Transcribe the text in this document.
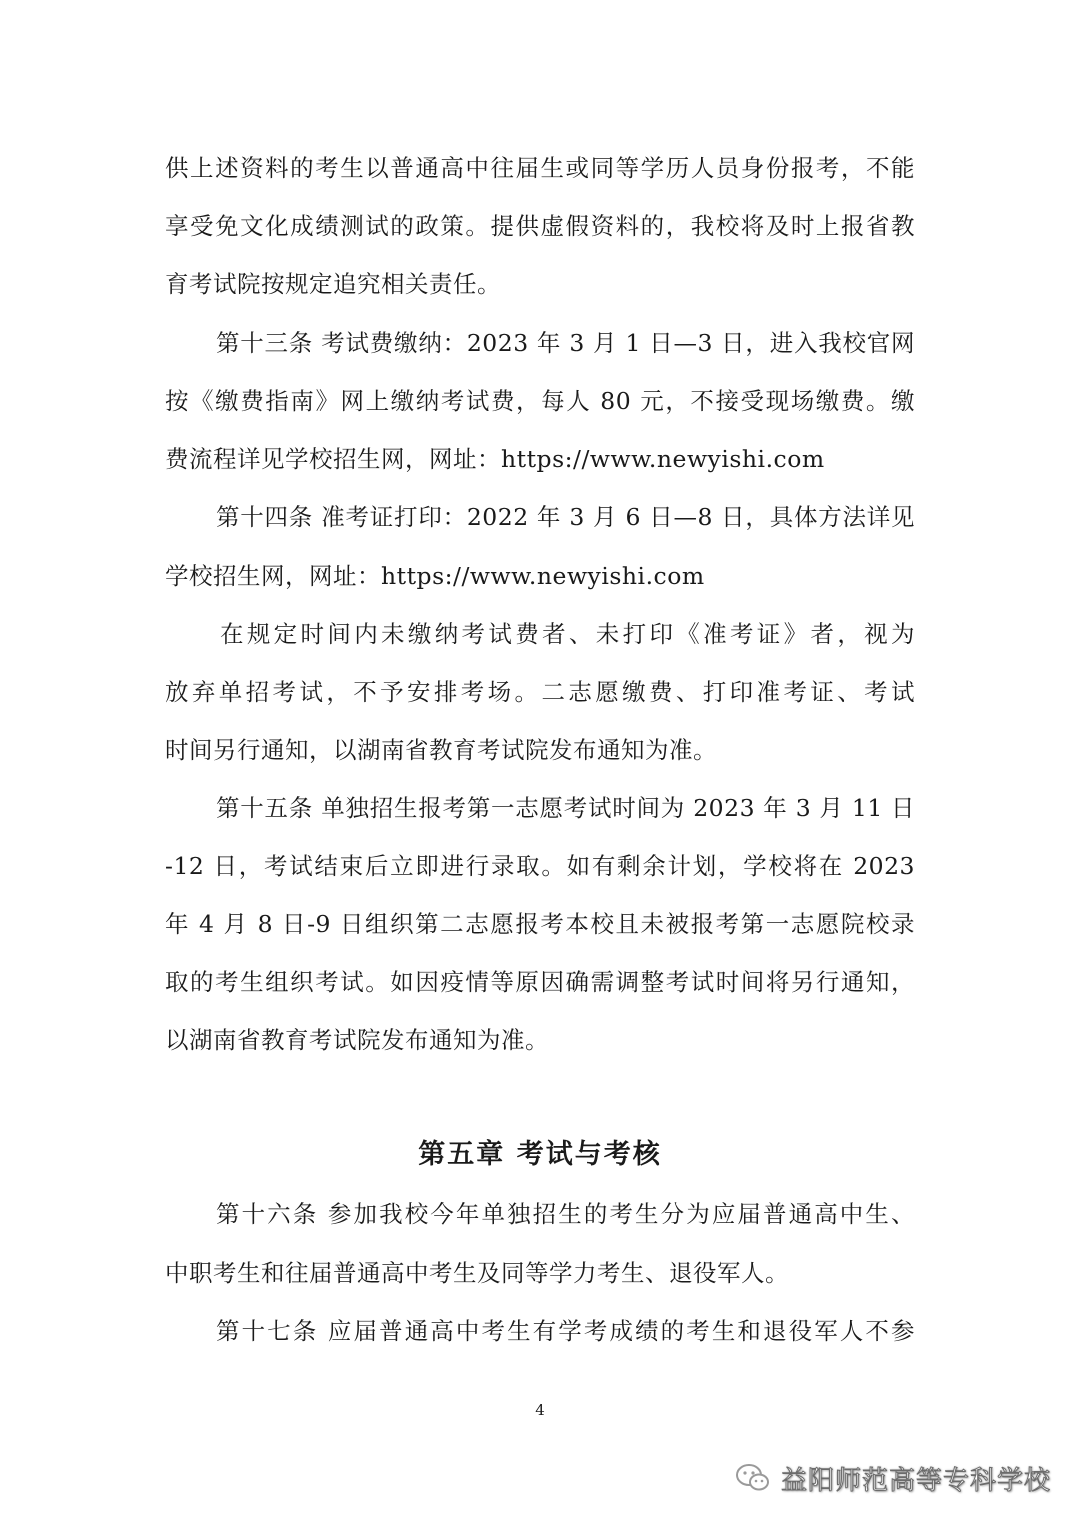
供上述资料的考生以普通高中往届生或同等学历人员身份报考，不能
享受免文化成绩测试的政策。提供虚假资料的，我校将及时上报省教
育考试院按规定追究相关责任。
第十三条 考试费缴纳：2023 年 3 月 1 日—3 日，进入我校官网
按《缴费指南》网上缴纳考试费，每人 80 元，不接受现场缴费。缴
费流程详见学校招生网，网址：https://www.newyishi.com
第十四条 准考证打印：2022 年 3 月 6 日—8 日，具体方法详见
学校招生网，网址：https://www.newyishi.com
在规定时间内未缴纳考试费者、未打印《准考证》者，视为
放弃单招考试，不予安排考场。二志愿缴费、打印准考证、考试
时间另行通知，以湖南省教育考试院发布通知为准。
第十五条 单独招生报考第一志愿考试时间为 2023 年 3 月 11 日
-12 日，考试结束后立即进行录取。如有剩余计划，学校将在 2023
年 4 月 8 日-9 日组织第二志愿报考本校且未被报考第一志愿院校录
取的考生组织考试。如因疫情等原因确需调整考试时间将另行通知，
以湖南省教育考试院发布通知为准。
第五章 考试与考核
第十六条 参加我校今年单独招生的考生分为应届普通高中生、
中职考生和往届普通高中考生及同等学力考生、退役军人。
第十七条 应届普通高中考生有学考成绩的考生和退役军人不参
4
益阳师范高等专科学校
